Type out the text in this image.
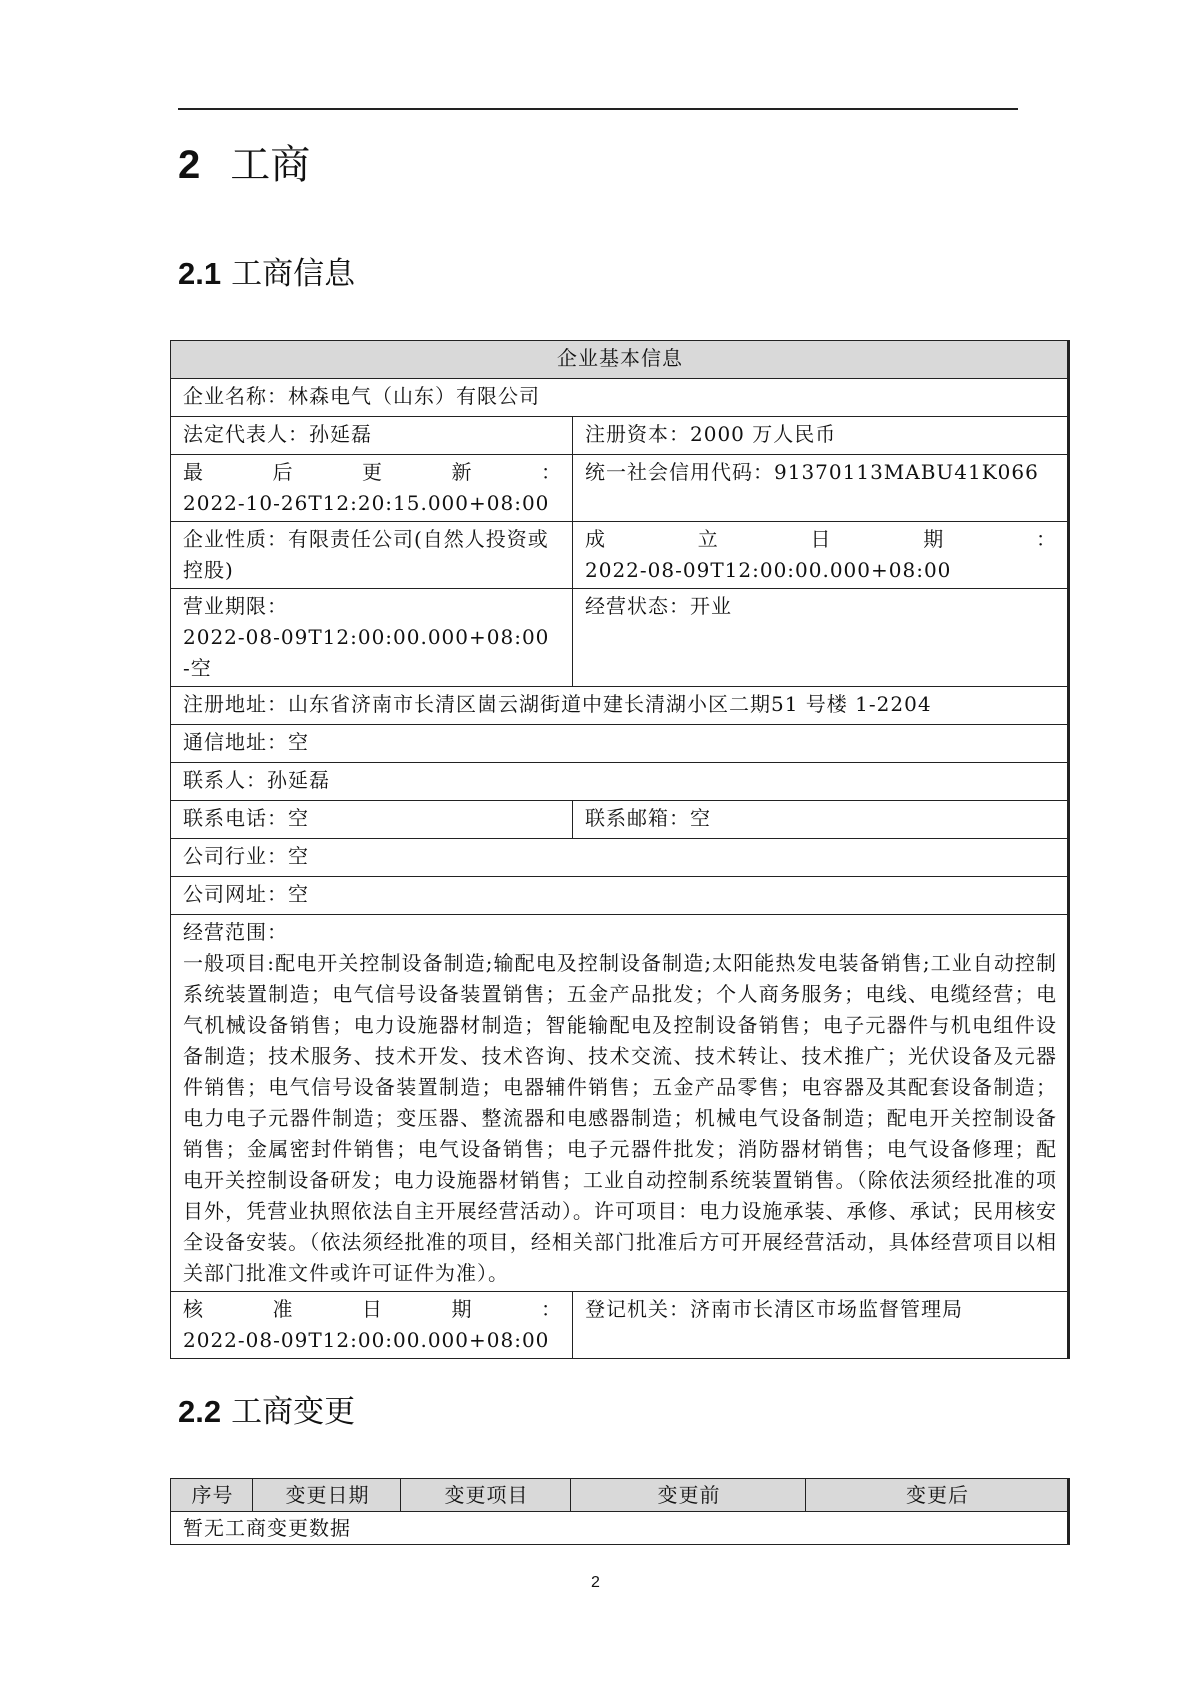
2 工商
2.1 工商信息
企业基本信息	
企业名称：林森电气（山东）有限公司	
法定代表人：孙延磊	注册资本：2000 万人民币

最后更新：
2022-10-26T12:20:15.000+08:00	统一社会信用代码：91370113MABU41K066
企业性质：有限责任公司(自然人投资或控股)	成立日期：
2022-08-09T12:00:00.000+08:00

营业期限：
2022-08-09T12:00:00.000+08:00 -空	经营状态：开业
注册地址：山东省济南市长清区崮云湖街道中建长清湖小区二期51 号楼 1-2204	
通信地址：空	
联系人：孙延磊	
联系电话：空	联系邮箱：空
公司行业：空	
公司网址：空	

经营范围：
一般项目:配电开关控制设备制造;输配电及控制设备制造;太阳能热发电装备销售;工业自动控制系统装置制造；电气信号设备装置销售；五金产品批发；个人商务服务；电线、电缆经营；电气机械设备销售；电力设施器材制造；智能输配电及控制设备销售；电子元器件与机电组件设备制造；技术服务、技术开发、技术咨询、技术交流、技术转让、技术推广；光伏设备及元器件销售；电气信号设备装置制造；电器辅件销售；五金产品零售；电容器及其配套设备制造；电力电子元器件制造；变压器、整流器和电感器制造；机械电气设备制造；配电开关控制设备销售；金属密封件销售；电气设备销售；电子元器件批发；消防器材销售；电气设备修理；配电开关控制设备研发；电力设施器材销售；工业自动控制系统装置销售。（除依法须经批准的项目外，凭营业执照依法自主开展经营活动）。许可项目：电力设施承装、承修、承试；民用核安全设备安装。（依法须经批准的项目，经相关部门批准后方可开展经营活动，具体经营项目以相关部门批准文件或许可证件为准）。	

核准日期：
2022-08-09T12:00:00.000+08:00	登记机关：济南市长清区市场监督管理局
2.2 工商变更
序号	变更日期	变更项目	变更前	变更后
暂无工商变更数据
2
